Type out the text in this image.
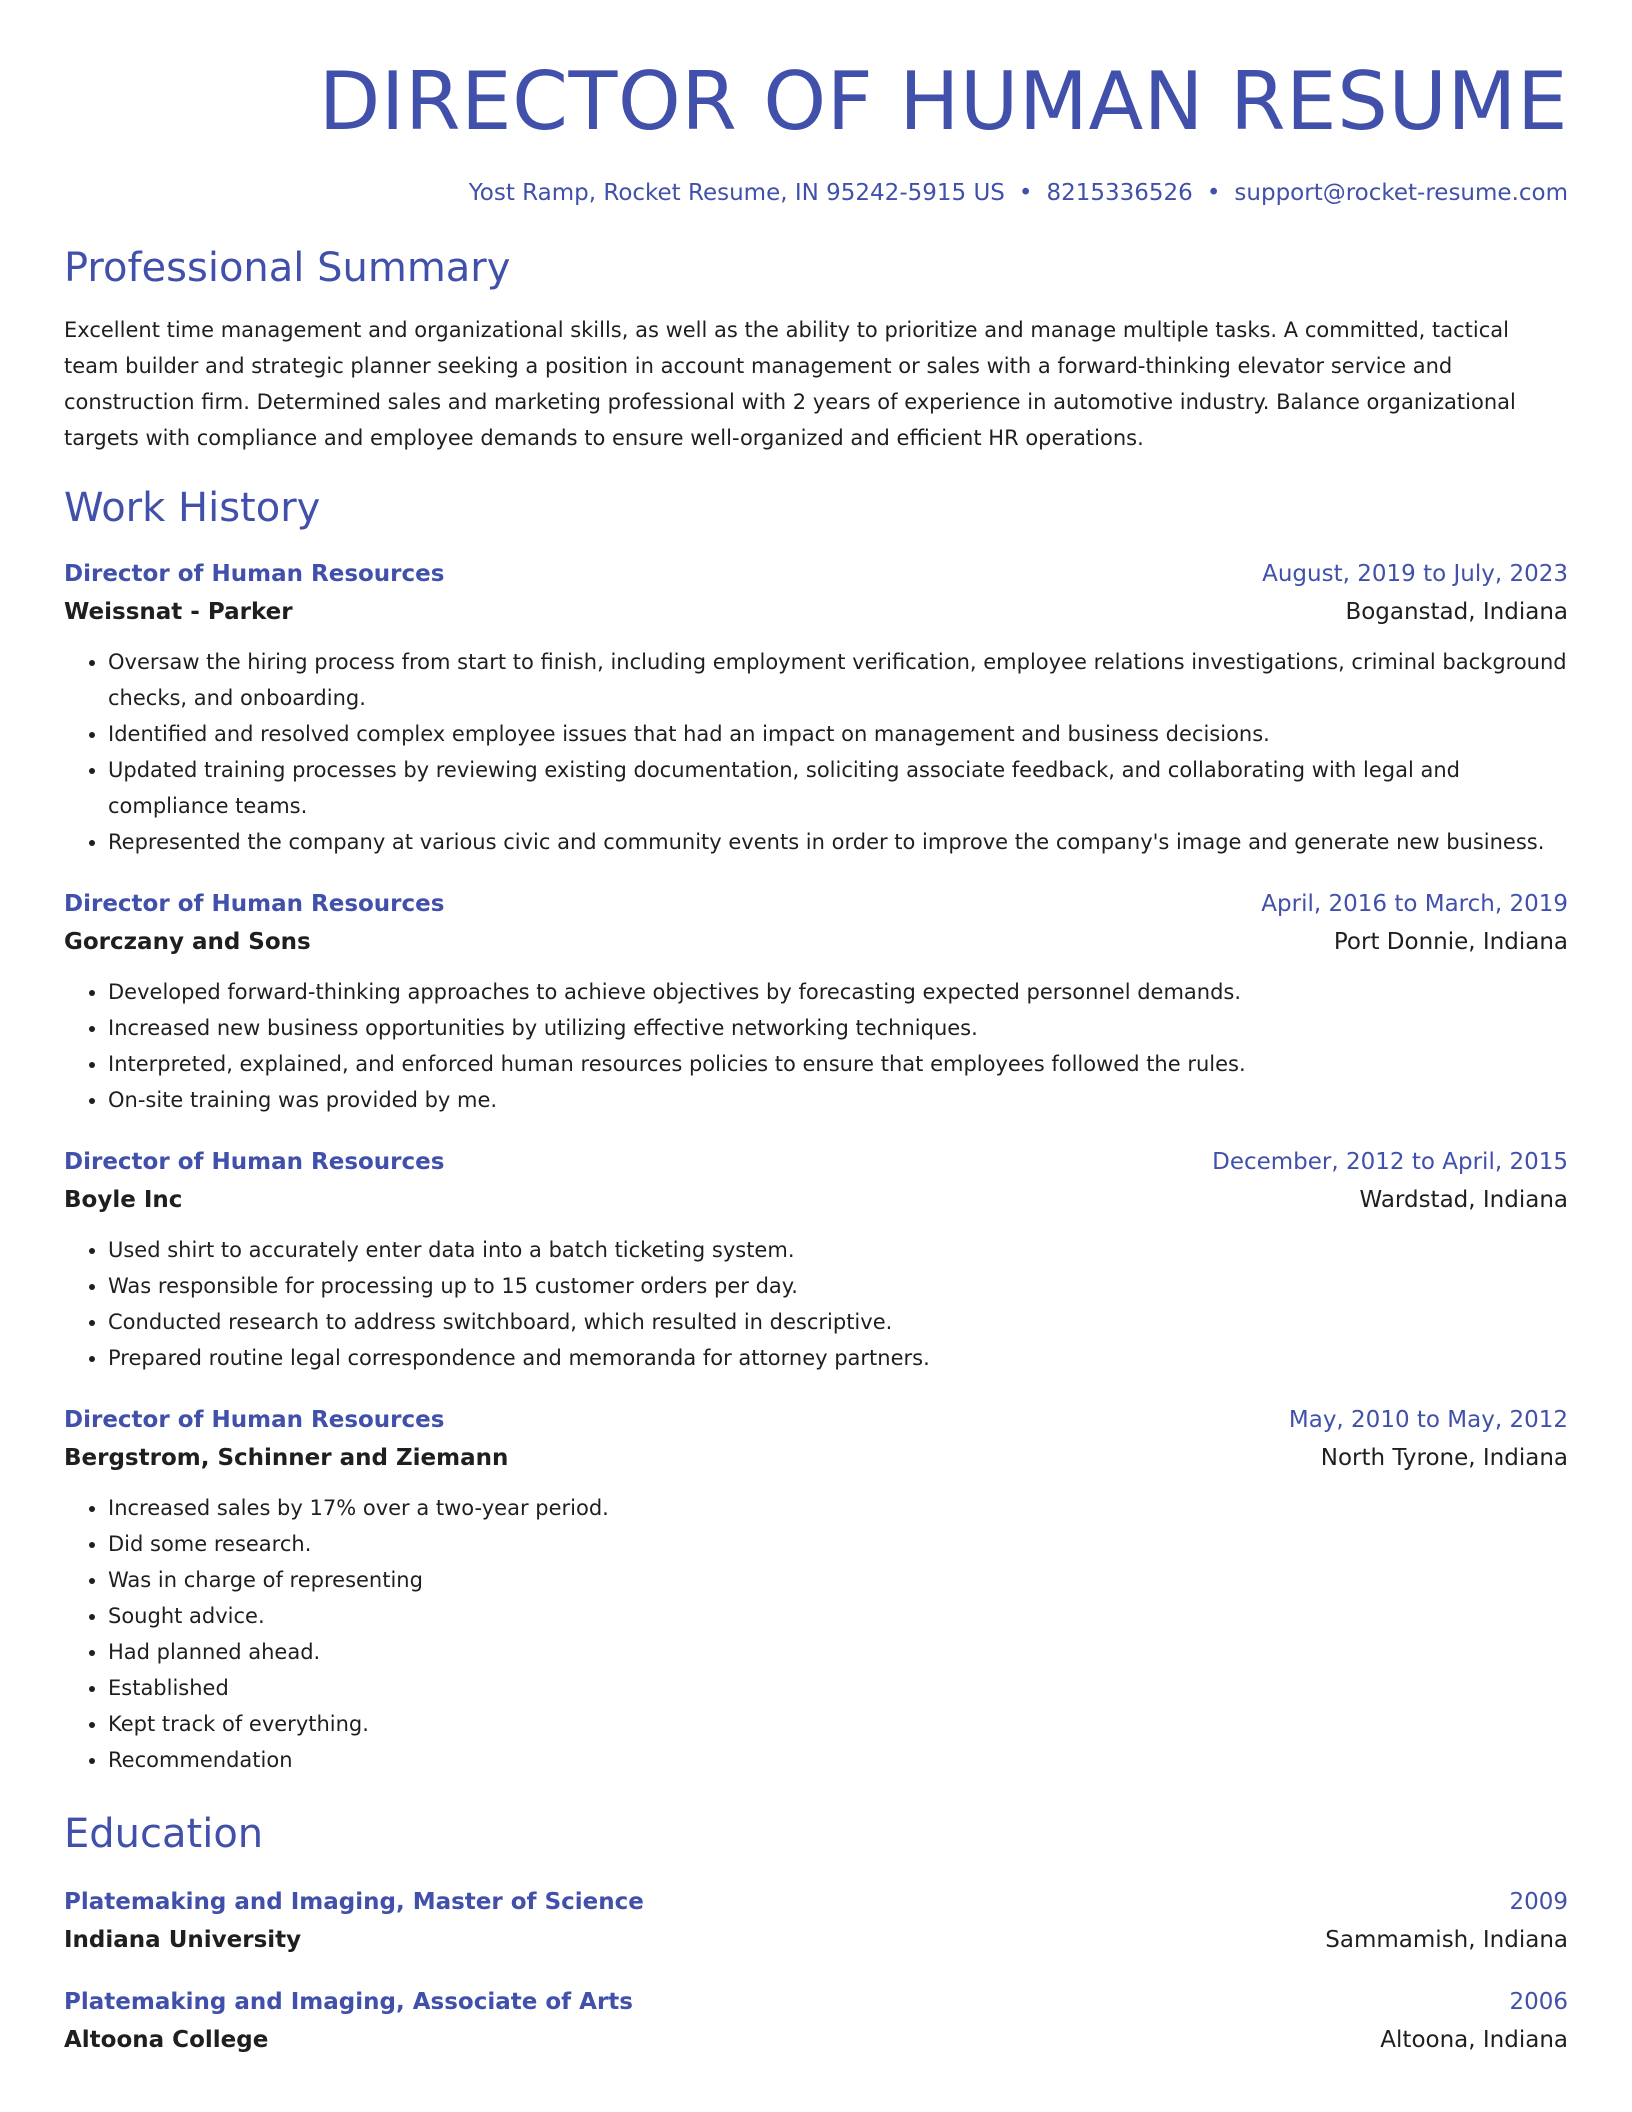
DIRECTOR OF HUMAN RESUME
Yost Ramp, Rocket Resume, IN 95242-5915 US • 8215336526 • support@rocket-resume.com
Professional Summary
Excellent time management and organizational skills, as well as the ability to prioritize and manage multiple tasks. A committed, tactical team builder and strategic planner seeking a position in account management or sales with a forward-thinking elevator service and construction firm. Determined sales and marketing professional with 2 years of experience in automotive industry. Balance organizational targets with compliance and employee demands to ensure well-organized and efficient HR operations.
Work History
Director of Human Resources	August, 2019 to July, 2023
Weissnat - Parker	Boganstad, Indiana
• Oversaw the hiring process from start to finish, including employment verification, employee relations investigations, criminal background checks, and onboarding.
• Identified and resolved complex employee issues that had an impact on management and business decisions.
• Updated training processes by reviewing existing documentation, soliciting associate feedback, and collaborating with legal and compliance teams.
• Represented the company at various civic and community events in order to improve the company's image and generate new business.
Director of Human Resources	April, 2016 to March, 2019
Gorczany and Sons	Port Donnie, Indiana
• Developed forward-thinking approaches to achieve objectives by forecasting expected personnel demands.
• Increased new business opportunities by utilizing effective networking techniques.
• Interpreted, explained, and enforced human resources policies to ensure that employees followed the rules.
• On-site training was provided by me.
Director of Human Resources	December, 2012 to April, 2015
Boyle Inc	Wardstad, Indiana
• Used shirt to accurately enter data into a batch ticketing system.
• Was responsible for processing up to 15 customer orders per day.
• Conducted research to address switchboard, which resulted in descriptive.
• Prepared routine legal correspondence and memoranda for attorney partners.
Director of Human Resources	May, 2010 to May, 2012
Bergstrom, Schinner and Ziemann	North Tyrone, Indiana
• Increased sales by 17% over a two-year period.
• Did some research.
• Was in charge of representing
• Sought advice.
• Had planned ahead.
• Established
• Kept track of everything.
• Recommendation
Education
Platemaking and Imaging, Master of Science	2009
Indiana University	Sammamish, Indiana
Platemaking and Imaging, Associate of Arts	2006
Altoona College	Altoona, Indiana
